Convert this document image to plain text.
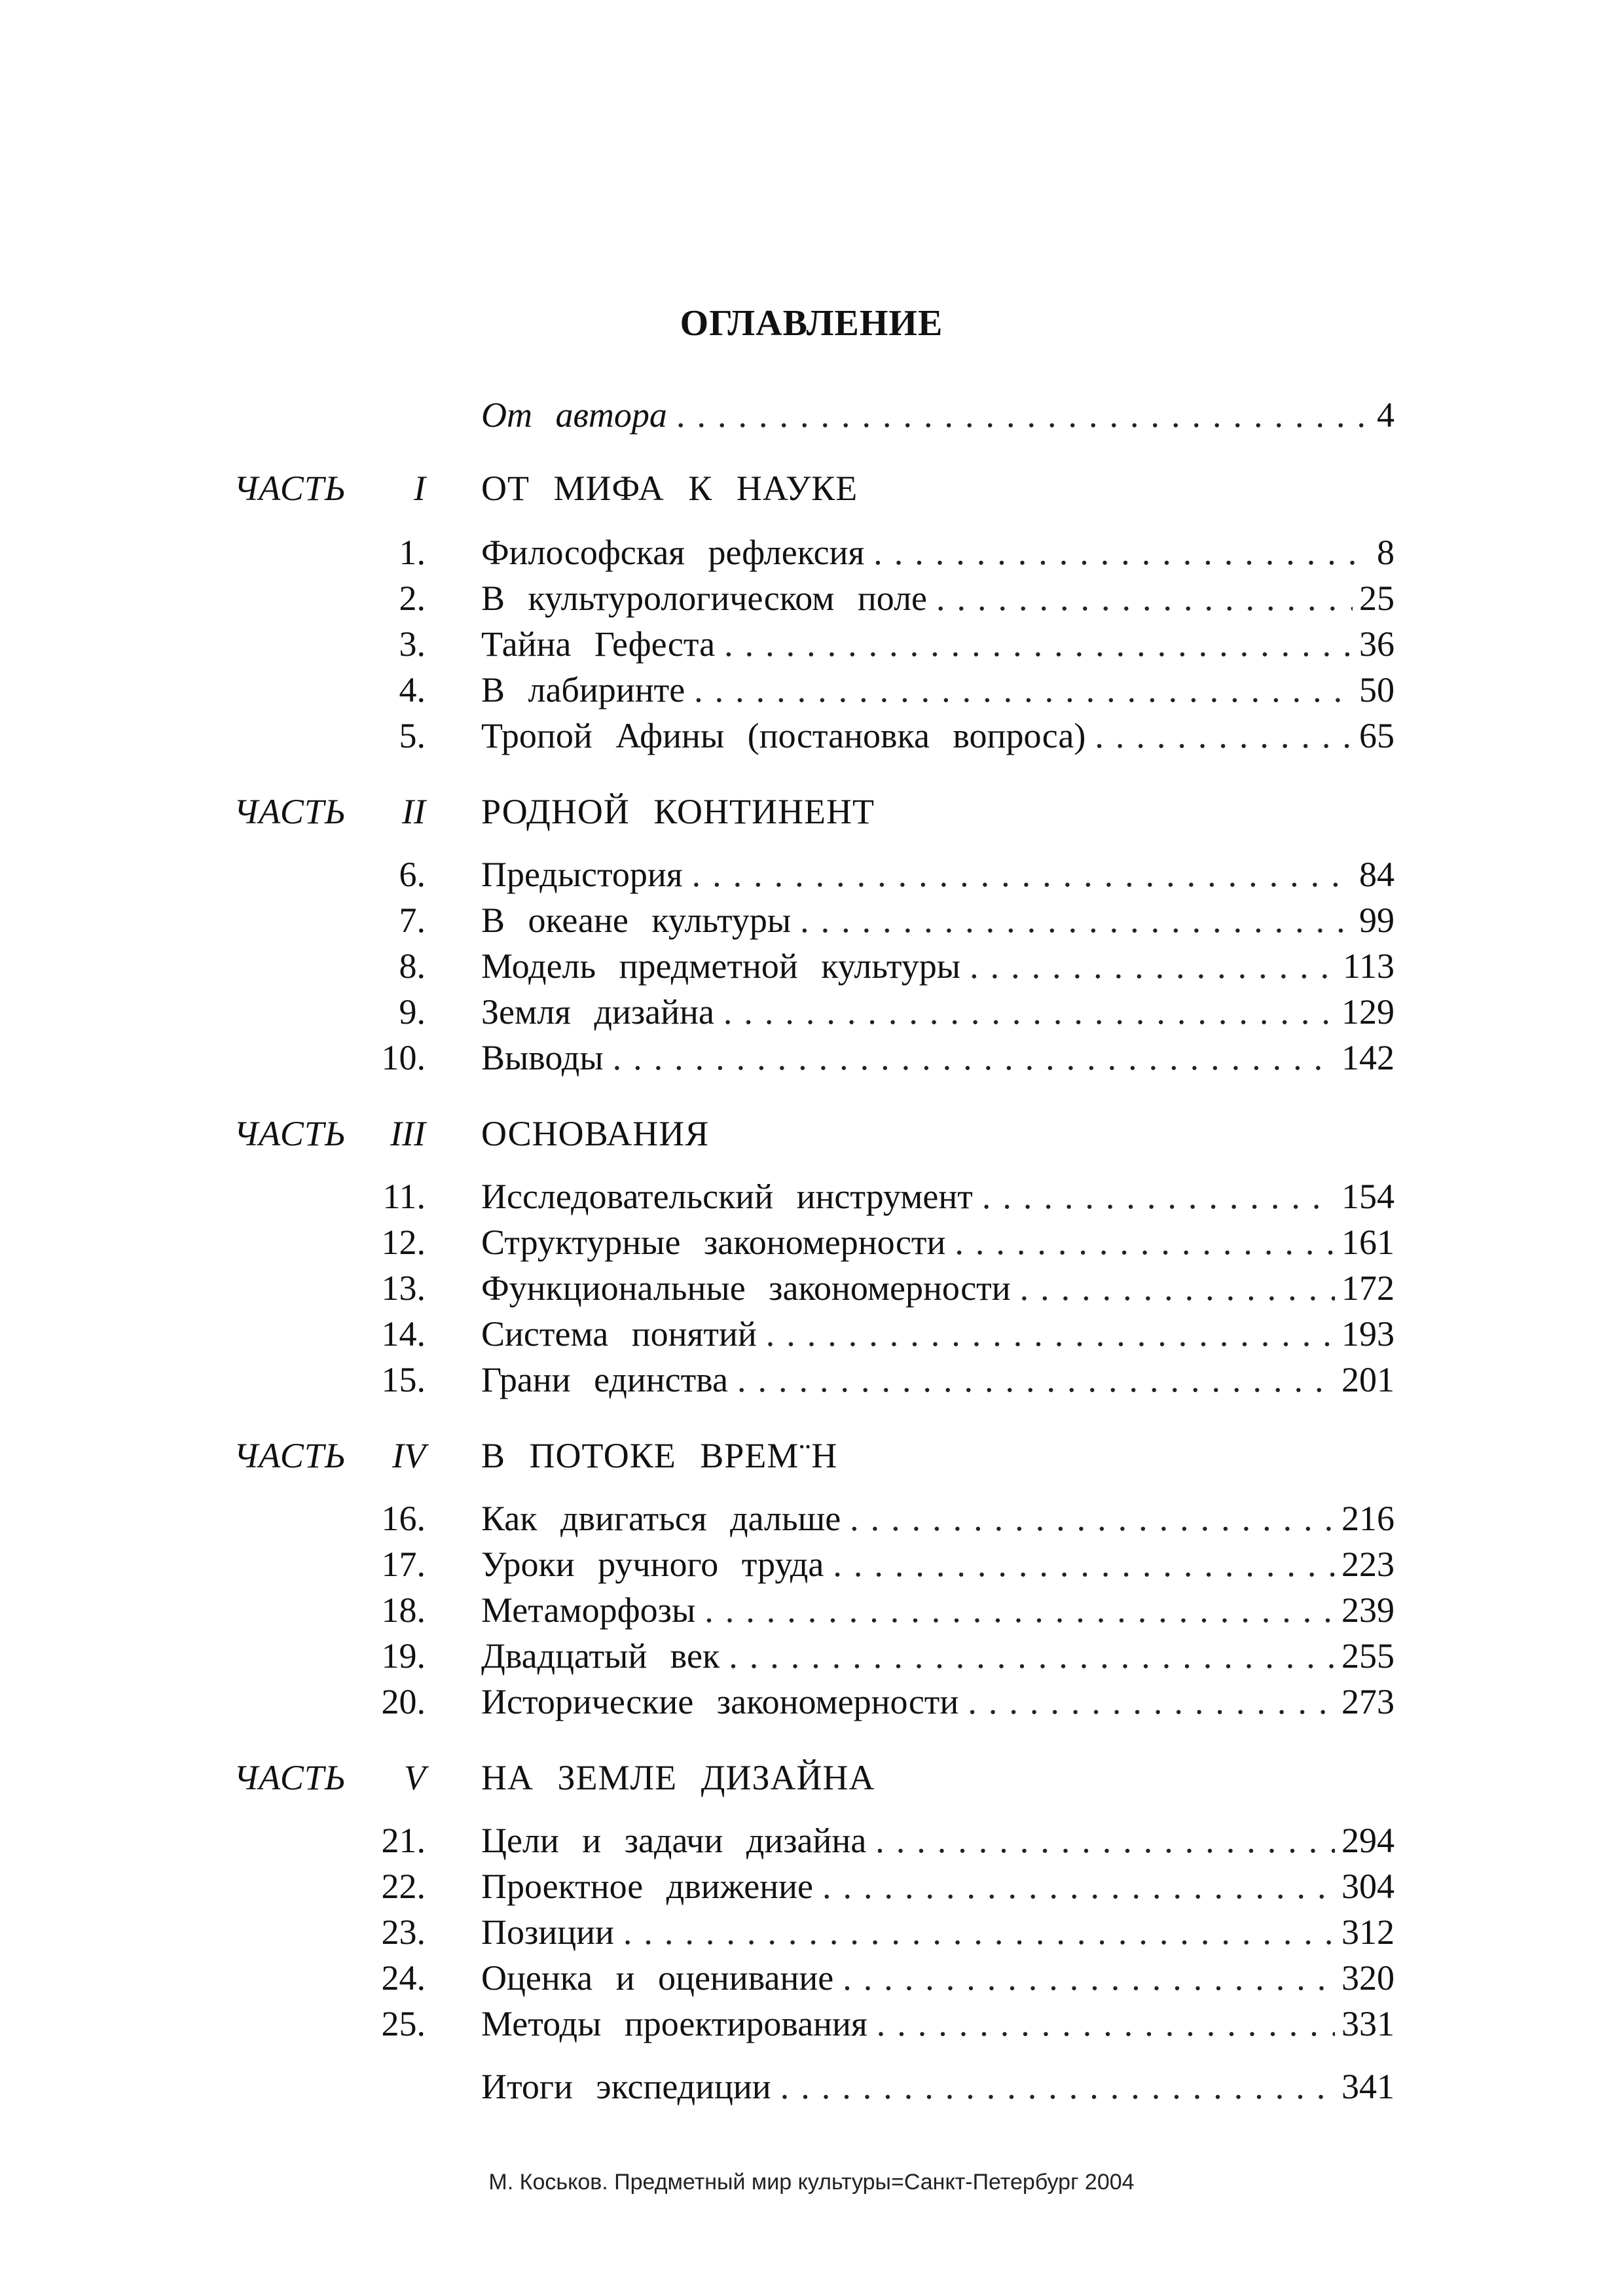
ОГЛАВЛЕНИЕ
От автора .....	4
ЧАСТЬ	I ОТ МИФА К НАУКЕ
1. Философская рефлексия .....	8
2. В культурологическом поле .....	25
3. Тайна Гефеста .....	36
4. В лабиринте .....	50
5. Тропой Афины (постановка вопроса) .....	65
ЧАСТЬ	II РОДНОЙ КОНТИНЕНТ
6. Предыстория .....	84
7. В океане культуры .....	99
8. Модель предметной культуры .....	113
9. Земля дизайна .....	129
10. Выводы .....	142
ЧАСТЬ	III ОСНОВАНИЯ
11. Исследовательский инструмент .....	154
12. Структурные закономерности .....	161
13. Функциональные закономерности .....	172
14. Система понятий .....	193
15. Грани единства .....	201
ЧАСТЬ	IV В ПОТОКЕ ВРЕМ¨Н
16. Как двигаться дальше .....	216
17. Уроки ручного труда .....	223
18. Метаморфозы .....	239
19. Двадцатый век .....	255
20. Исторические закономерности .....	273
ЧАСТЬ	V НА ЗЕМЛЕ ДИЗАЙНА
21. Цели и задачи дизайна .....	294
22. Проектное движение .....	304
23. Позиции .....	312
24. Оценка и оценивание .....	320
25. Методы проектирования .....	331
Итоги экспедиции .....	341
М. Коськов. Предметный мир культуры=Санкт-Петербург 2004
